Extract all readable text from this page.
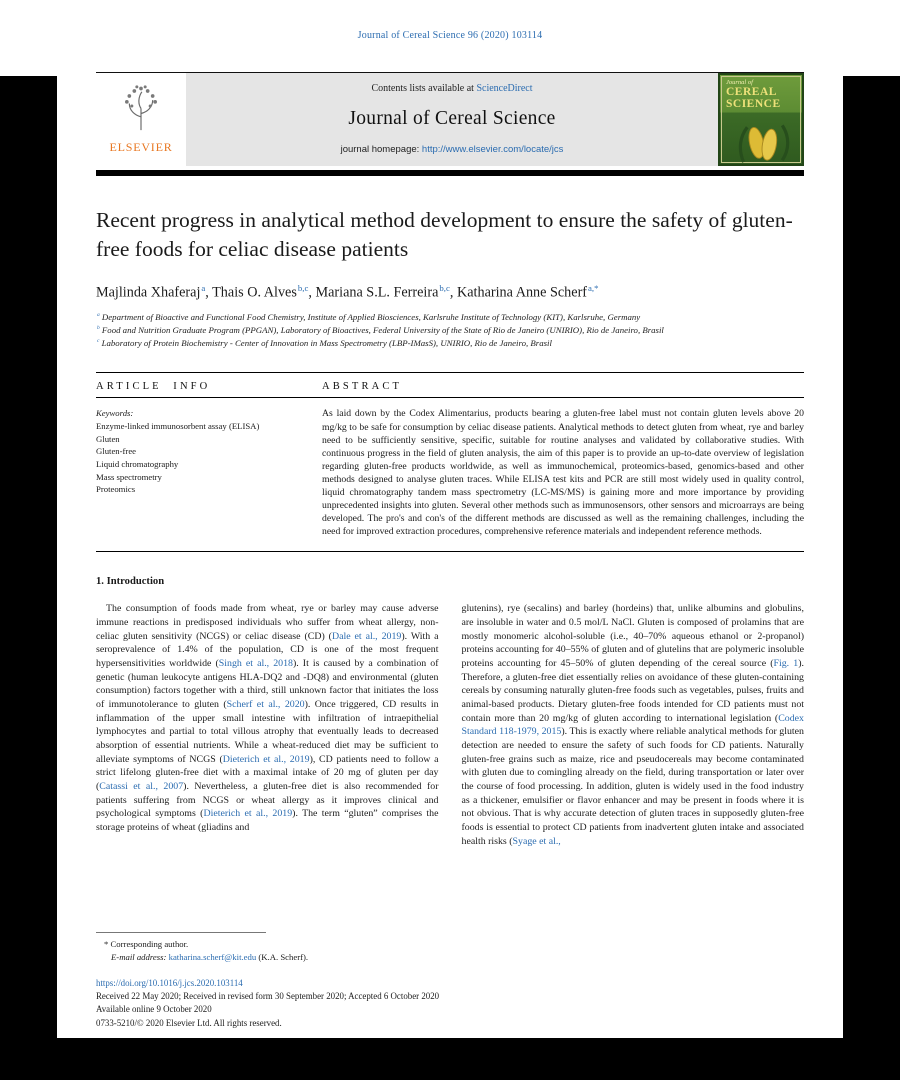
Journal of Cereal Science 96 (2020) 103114
ELSEVIER
Contents lists available at ScienceDirect
Journal of Cereal Science
journal homepage: http://www.elsevier.com/locate/jcs
Journal of
CEREAL
SCIENCE
Recent progress in analytical method development to ensure the safety of gluten-free foods for celiac disease patients
Majlinda Xhaferaj$^a$, Thais O. Alves$^{b,c}$, Mariana S.L. Ferreira$^{b,c}$, Katharina Anne Scherf$^{a,*}$
$^a$ Department of Bioactive and Functional Food Chemistry, Institute of Applied Biosciences, Karlsruhe Institute of Technology (KIT), Karlsruhe, Germany
$^b$ Food and Nutrition Graduate Program (PPGAN), Laboratory of Bioactives, Federal University of the State of Rio de Janeiro (UNIRIO), Rio de Janeiro, Brasil
$^c$ Laboratory of Protein Biochemistry - Center of Innovation in Mass Spectrometry (LBP-IMasS), UNIRIO, Rio de Janeiro, Brasil
ARTICLE INFO	ABSTRACT
Keywords:
Enzyme-linked immunosorbent assay (ELISA)
Gluten
Gluten-free
Liquid chromatography
Mass spectrometry
Proteomics
As laid down by the Codex Alimentarius, products bearing a gluten-free label must not contain gluten levels above 20 mg/kg to be safe for consumption by celiac disease patients. Analytical methods to detect gluten from wheat, rye and barley need to be sufficiently sensitive, specific, suitable for routine analyses and validated by collaborative studies. With continuous progress in the field of gluten analysis, the aim of this paper is to provide an up-to-date overview of legislation regarding gluten-free products worldwide, as well as immunochemical, proteomics-based, genomics-based and other methods designed to analyse gluten traces. While ELISA test kits and PCR are still most widely used in quality control, liquid chromatography tandem mass spectrometry (LC-MS/MS) is gaining more and more importance by providing unprecedented insights into gluten. Several other methods such as immunosensors, other sensors and microarrays are being developed. The pro's and con's of the different methods are discussed as well as the remaining challenges, including the need for improved extraction procedures, comprehensive reference materials and independent reference methods.
1. Introduction
The consumption of foods made from wheat, rye or barley may cause adverse immune reactions in predisposed individuals who suffer from wheat allergy, non-celiac gluten sensitivity (NCGS) or celiac disease (CD) (Dale et al., 2019). With a seroprevalence of 1.4% of the population, CD is one of the most frequent hypersensitivities worldwide (Singh et al., 2018). It is caused by a combination of genetic (human leukocyte antigens HLA-DQ2 and -DQ8) and environmental (gluten consumption) factors together with a third, still unknown factor that initiates the loss of immunotolerance to gluten (Scherf et al., 2020). Once triggered, CD results in inflammation of the upper small intestine with infiltration of intraepithelial lymphocytes and partial to total villous atrophy that eventually leads to decreased absorption of essential nutrients. While a wheat-reduced diet may be sufficient to alleviate symptoms of NCGS (Dieterich et al., 2019), CD patients need to follow a strict lifelong gluten-free diet with a maximal intake of 20 mg of gluten per day (Catassi et al., 2007). Nevertheless, a gluten-free diet is also recommended for patients suffering from NCGS or wheat allergy as it improves clinical and psychological symptoms (Dieterich et al., 2019). The term “gluten” comprises the storage proteins of wheat (gliadins and
glutenins), rye (secalins) and barley (hordeins) that, unlike albumins and globulins, are insoluble in water and 0.5 mol/L NaCl. Gluten is composed of prolamins that are mostly monomeric alcohol-soluble (i.e., 40–70% aqueous ethanol or 2-propanol) proteins accounting for 40–55% of gluten and of glutelins that are polymeric insoluble proteins accounting for 45–50% of gluten depending of the cereal source (Fig. 1). Therefore, a gluten-free diet essentially relies on avoidance of these gluten-containing cereals by consuming naturally gluten-free foods such as vegetables, pulses, fruits and animal-based products. Dietary gluten-free foods intended for CD patients must not contain more than 20 mg/kg of gluten according to international legislation (Codex Standard 118-1979, 2015). This is exactly where reliable analytical methods for gluten detection are needed to ensure the safety of such foods for CD patients. Naturally gluten-free grains such as maize, rice and pseudocereals may become contaminated with gluten due to comingling already on the field, during transportation or later over the course of food processing. In addition, gluten is widely used in the food industry as a thickener, emulsifier or flavor enhancer and may be present in foods where it is not obvious. That is why accurate detection of gluten traces in supposedly gluten-free foods is essential to protect CD patients from inadvertent gluten intake and associated health risks (Syage et al.,
* Corresponding author.
E-mail address: katharina.scherf@kit.edu (K.A. Scherf).
https://doi.org/10.1016/j.jcs.2020.103114
Received 22 May 2020; Received in revised form 30 September 2020; Accepted 6 October 2020
Available online 9 October 2020
0733-5210/© 2020 Elsevier Ltd. All rights reserved.
